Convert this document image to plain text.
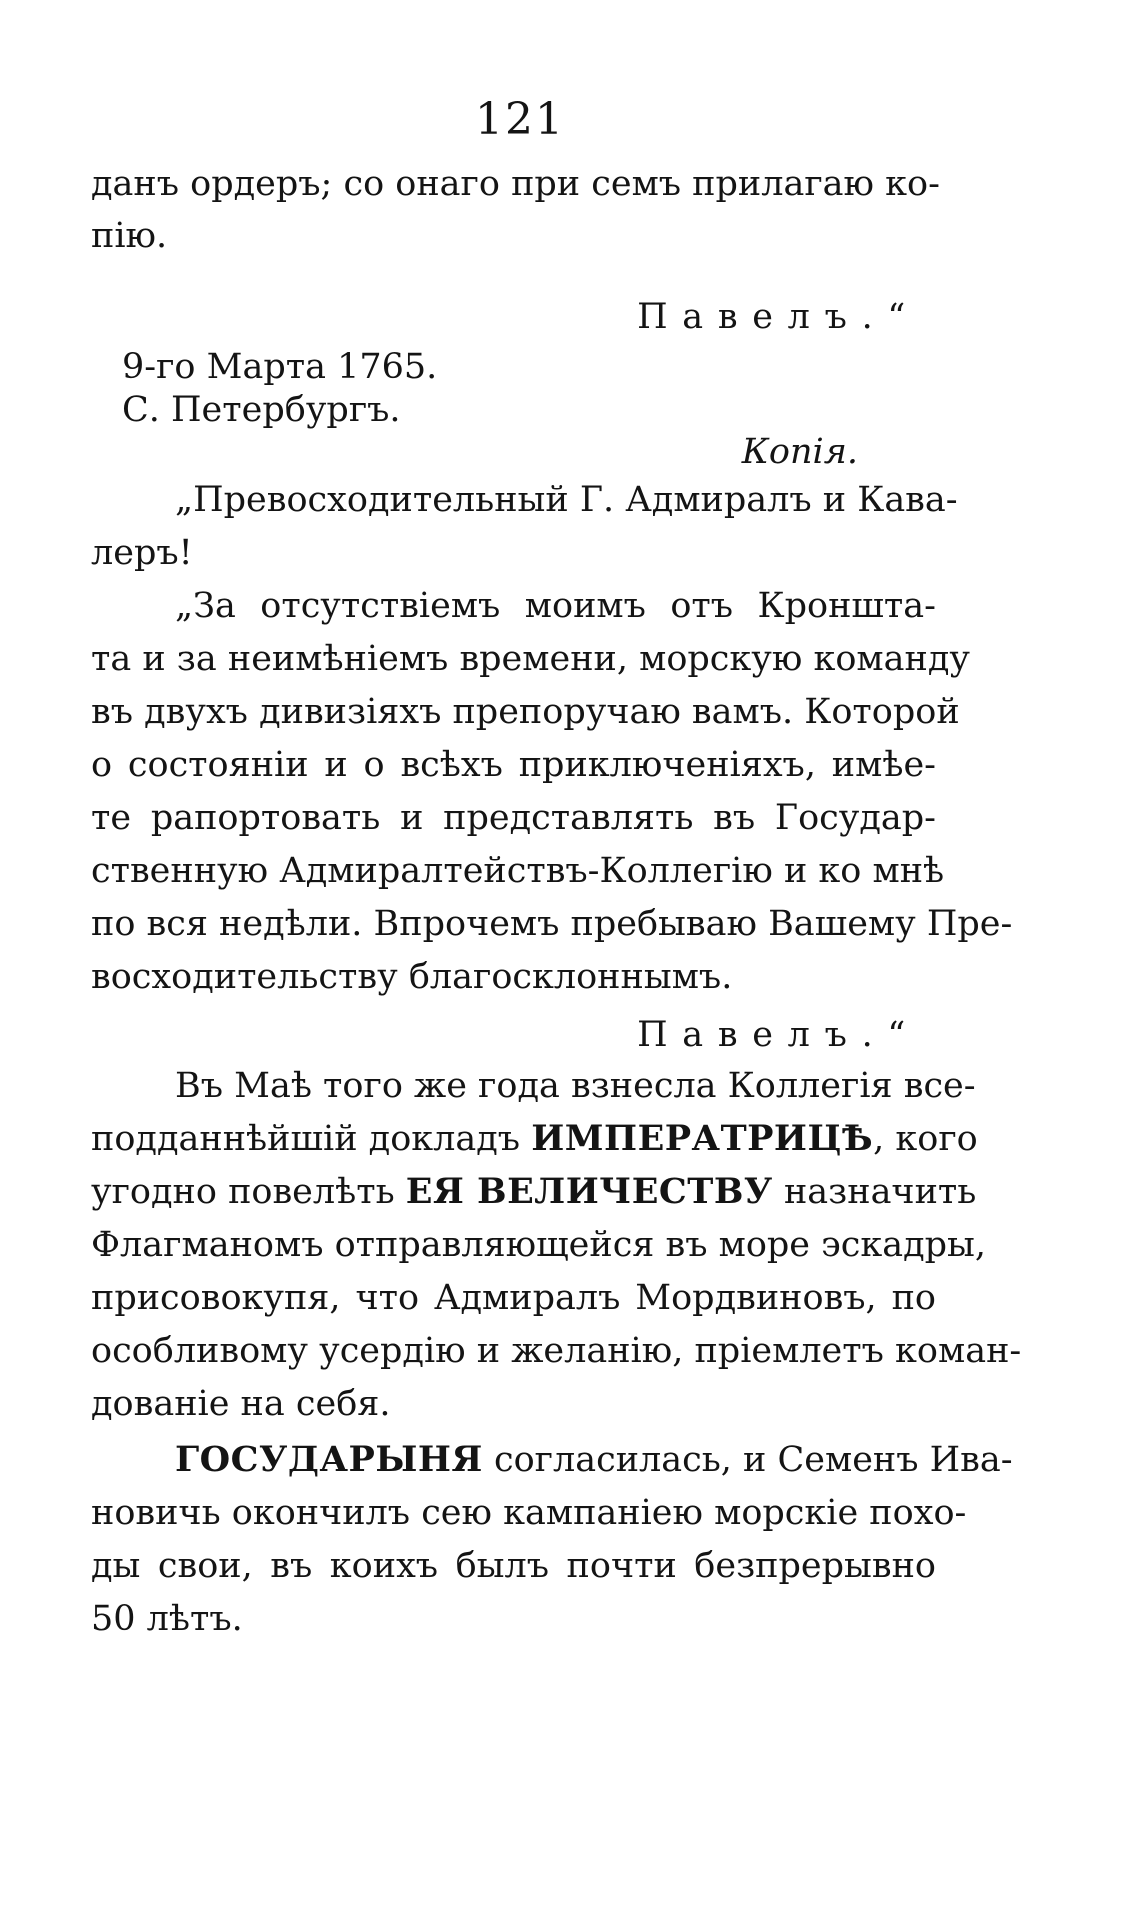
121
данъ ордеръ; со онаго при семъ прилагаю ко-
пію.
Павелъ.“
9-го Марта 1765.
С. Петербургъ.
Копія.
„Превосходительный Г. Адмиралъ и Кава-
леръ!
„За отсутствіемъ моимъ отъ Кроншта-
та и за неимѣніемъ времени, морскую команду
въ двухъ дивизіяхъ препоручаю вамъ. Которой
о состояніи и о всѣхъ приключеніяхъ, имѣе-
те рапортовать и представлять въ Государ-
ственную Адмиралтействъ-Коллегію и ко мнѣ
по вся недѣли. Впрочемъ пребываю Вашему Пре-
восходительству благосклоннымъ.
Павелъ.“
Въ Маѣ того же года взнесла Коллегія все-
подданнѣйшій докладъ ИМПЕРАТРИЦѢ, кого
угодно повелѣть ЕЯ ВЕЛИЧЕСТВУ назначить
Флагманомъ отправляющейся въ море эскадры,
присовокупя, что Адмиралъ Мордвиновъ, по
особливому усердію и желанію, пріемлетъ коман-
дованіе на себя.
ГОСУДАРЫНЯ согласилась, и Семенъ Ива-
новичь окончилъ сею кампаніею морскіе похо-
ды свои, въ коихъ былъ почти безпрерывно
50 лѣтъ.
